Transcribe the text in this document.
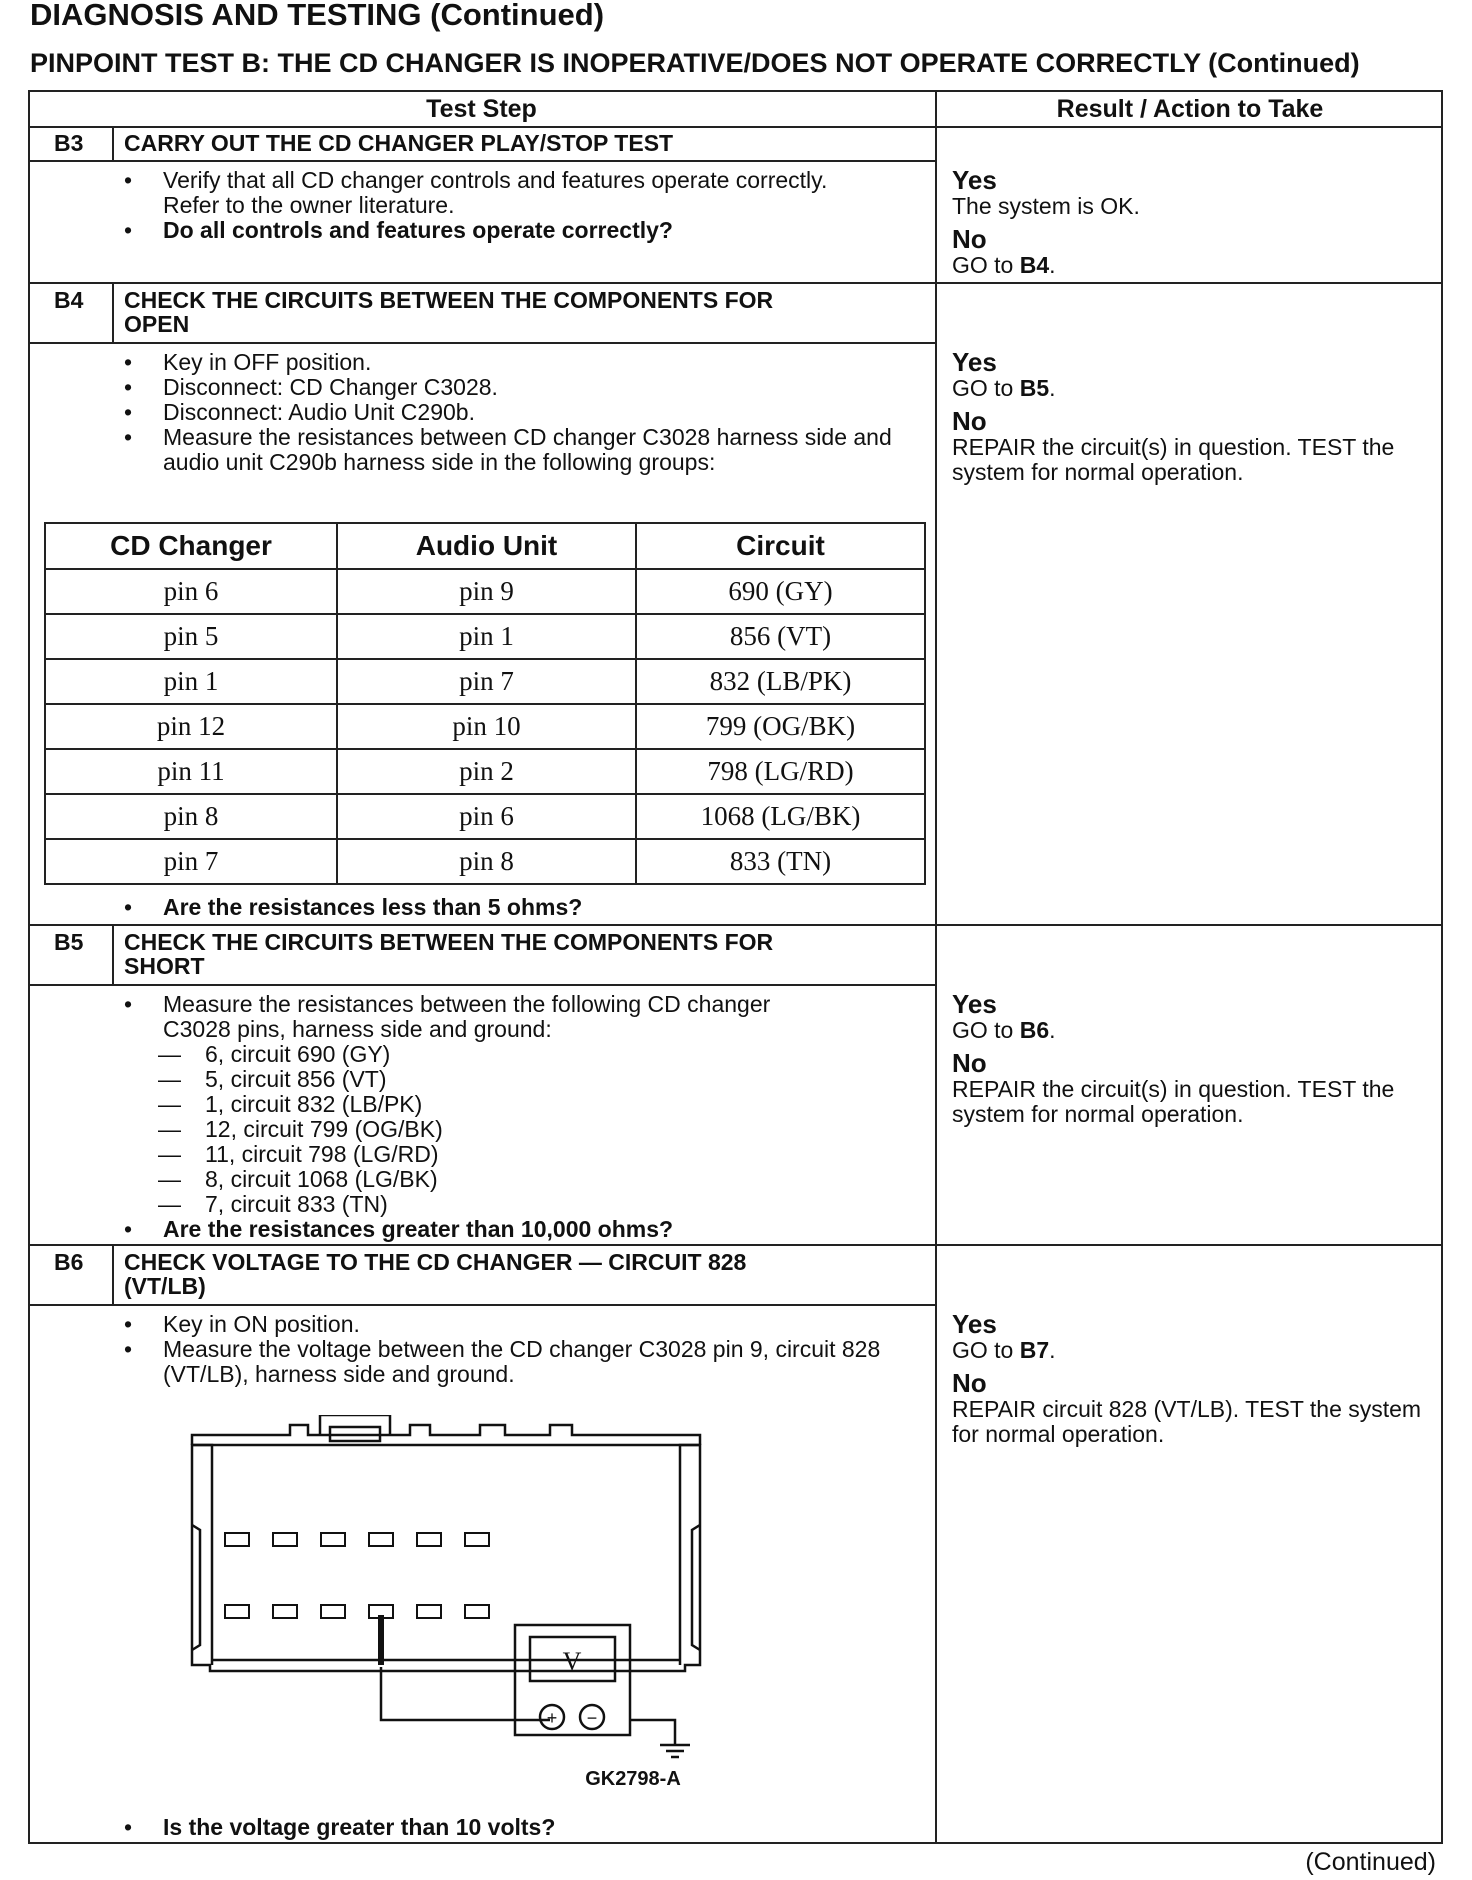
DIAGNOSIS AND TESTING (Continued)
PINPOINT TEST B: THE CD CHANGER IS INOPERATIVE/DOES NOT OPERATE CORRECTLY (Continued)
Test Step	Result / Action to Take
B3 CARRY OUT THE CD CHANGER PLAY/STOP TEST
• Verify that all CD changer controls and features operate correctly. Refer to the owner literature.
• Do all controls and features operate correctly?

Yes

The system is OK.

No

GO to B4.

B4 CHECK THE CIRCUITS BETWEEN THE COMPONENTS FOR
OPEN
• Key in OFF position.
• Disconnect: CD Changer C3028.
• Disconnect: Audio Unit C290b.
• Measure the resistances between CD changer C3028 harness side and audio unit C290b harness side in the following groups:
CD Changer	Audio Unit	Circuit
pin 6	pin 9	690 (GY)
pin 5	pin 1	856 (VT)
pin 1	pin 7	832 (LB/PK)
pin 12	pin 10	799 (OG/BK)
pin 11	pin 2	798 (LG/RD)
pin 8	pin 6	1068 (LG/BK)
pin 7	pin 8	833 (TN)
• Are the resistances less than 5 ohms?

Yes

GO to B5.

No

REPAIR the circuit(s) in question. TEST the system for normal operation.

B5 CHECK THE CIRCUITS BETWEEN THE COMPONENTS FOR
SHORT
• Measure the resistances between the following CD changer
C3028 pins, harness side and ground:
— 6, circuit 690 (GY)
— 5, circuit 856 (VT)
— 1, circuit 832 (LB/PK)
— 12, circuit 799 (OG/BK)
— 11, circuit 798 (LG/RD)
— 8, circuit 1068 (LG/BK)
— 7, circuit 833 (TN)
• Are the resistances greater than 10,000 ohms?

Yes

GO to B6.

No

REPAIR the circuit(s) in question. TEST the system for normal operation.

B6 CHECK VOLTAGE TO THE CD CHANGER — CIRCUIT 828
(VT/LB)
• Key in ON position.
• Measure the voltage between the CD changer C3028 pin 9, circuit 828 (VT/LB), harness side and ground.
V
+ −
GK2798-A
• Is the voltage greater than 10 volts?

Yes

GO to B7.

No

REPAIR circuit 828 (VT/LB). TEST the system for normal operation.

(Continued)
